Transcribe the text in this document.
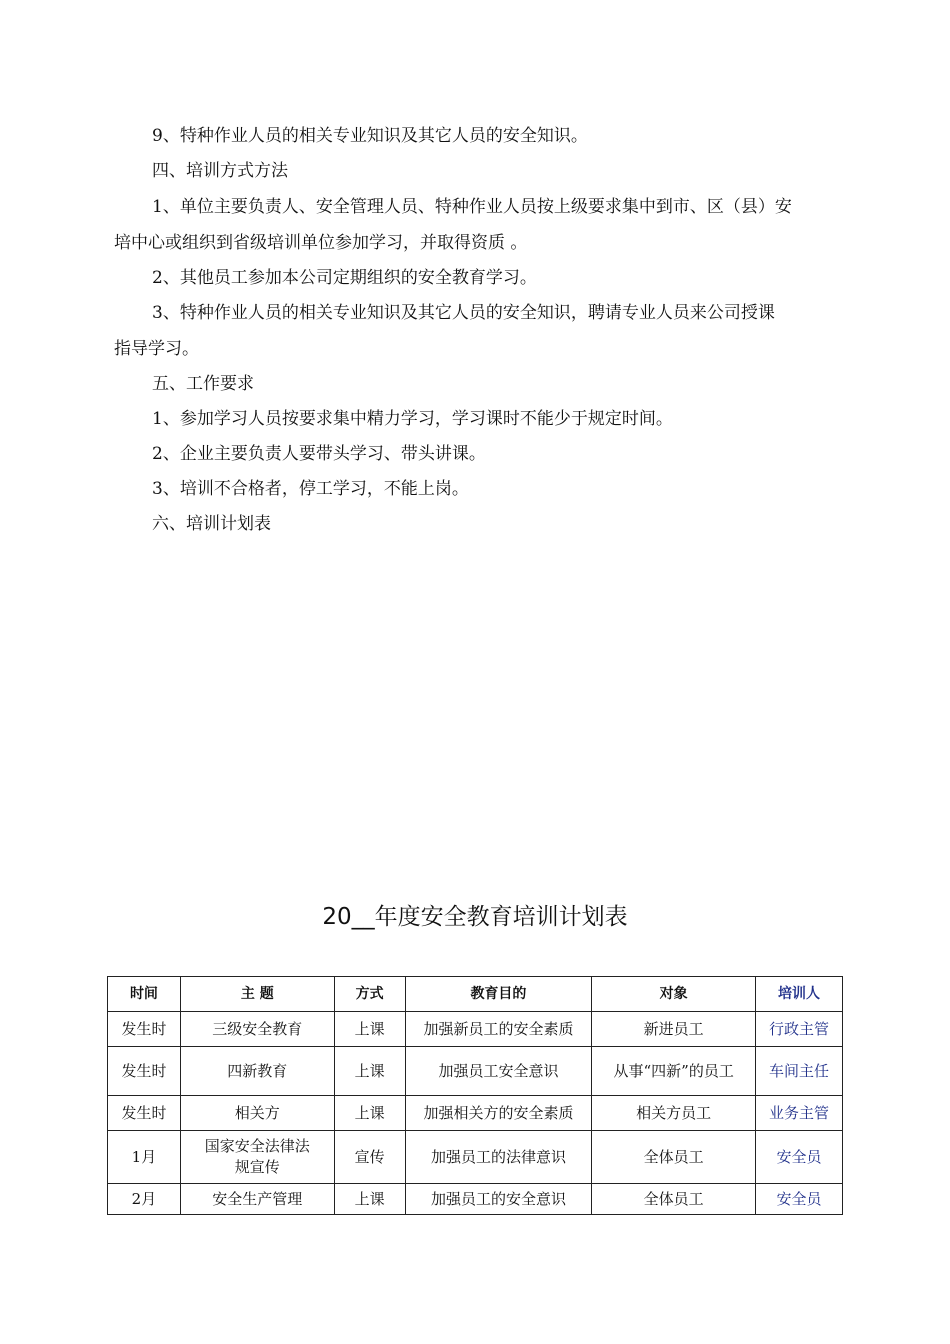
9、特种作业人员的相关专业知识及其它人员的安全知识。

四、培训方式方法

1、单位主要负责人、安全管理人员、特种作业人员按上级要求集中到市、区（县）安

培中心或组织到省级培训单位参加学习，并取得资质 。

2、其他员工参加本公司定期组织的安全教育学习。

3、特种作业人员的相关专业知识及其它人员的安全知识，聘请专业人员来公司授课

指导学习。

五、工作要求

1、参加学习人员按要求集中精力学习，学习课时不能少于规定时间。

2、企业主要负责人要带头学习、带头讲课。

3、培训不合格者，停工学习，不能上岗。

六、培训计划表

20__年度安全教育培训计划表
时间	主 题	方式	教育目的	对象	培训人
发生时	三级安全教育	上课	加强新员工的安全素质	新进员工	行政主管
发生时	四新教育	上课	加强员工安全意识	从事“四新”的员工	车间主任
发生时	相关方	上课	加强相关方的安全素质	相关方员工	业务主管
1月	国家安全法律法规宣传	宣传	加强员工的法律意识	全体员工	安全员
2月	安全生产管理	上课	加强员工的安全意识	全体员工	安全员
